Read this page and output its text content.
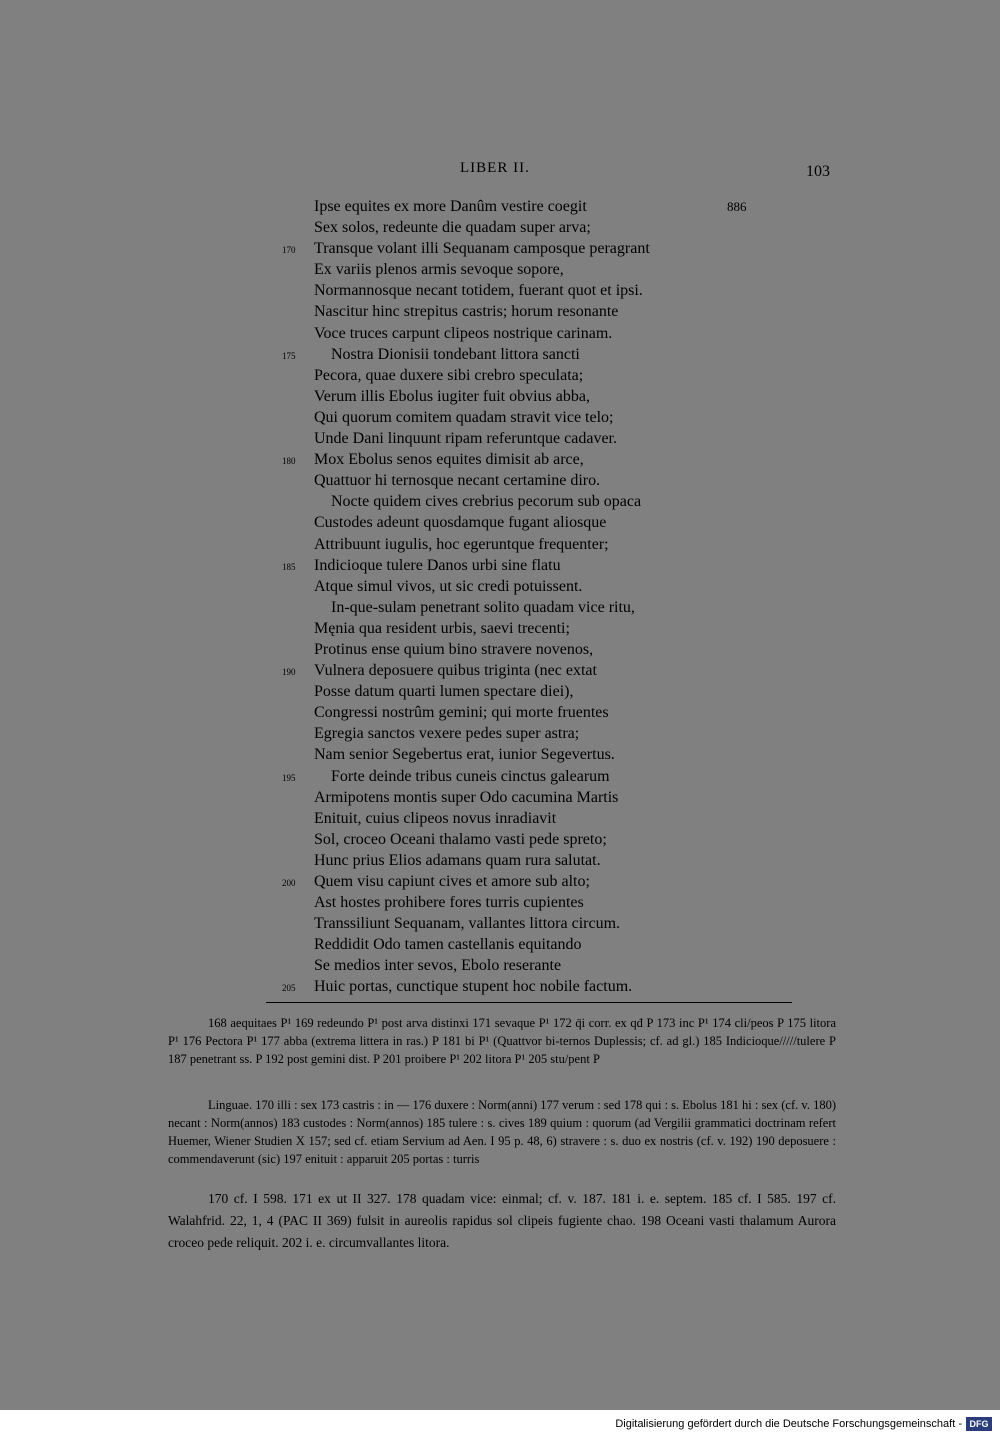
LIBER II.	103
Ipse equites ex more Danûm vestire coegit	886
Sex solos, redeunte die quadam super arva;
170 Transque volant illi Sequanam camposque peragrant
Ex variis plenos armis sevoque sopore,
Normannosque necant totidem, fuerant quot et ipsi.
Nascitur hinc strepitus castris; horum resonante
Voce truces carpunt clipeos nostrique carinam.
175 Nostra Dionisii tondebant littora sancti
Pecora, quae duxere sibi crebro speculata;
Verum illis Ebolus iugiter fuit obvius abba,
Qui quorum comitem quadam stravit vice telo;
Unde Dani linquunt ripam referuntque cadaver.
180 Mox Ebolus senos equites dimisit ab arce,
Quattuor hi ternosque necant certamine diro.
Nocte quidem cives crebrius pecorum sub opaca
Custodes adeunt quosdamque fugant aliosque
Attribuunt iugulis, hoc egeruntque frequenter;
185 Indicioque tulere Danos urbi sine flatu
Atque simul vivos, ut sic credi potuissent.
In-que-sulam penetrant solito quadam vice ritu,
Męnia qua resident urbis, saevi trecenti;
Protinus ense quium bino stravere novenos,
190 Vulnera deposuere quibus triginta (nec extat
Posse datum quarti lumen spectare diei),
Congressi nostrûm gemini; qui morte fruentes
Egregia sanctos vexere pedes super astra;
Nam senior Segebertus erat, iunior Segevertus.
195 Forte deinde tribus cuneis cinctus galearum
Armipotens montis super Odo cacumina Martis
Enituit, cuius clipeos novus inradiavit
Sol, croceo Oceani thalamo vasti pede spreto;
Hunc prius Elios adamans quam rura salutat.
200 Quem visu capiunt cives et amore sub alto;
Ast hostes prohibere fores turris cupientes
Transsiliunt Sequanam, vallantes littora circum.
Reddidit Odo tamen castellanis equitando
Se medios inter sevos, Ebolo reserante
205 Huic portas, cunctique stupent hoc nobile factum.

168 aequitaes P¹ 169 redeundo P¹ post arva distinxi 171 sevaque P¹ 172 q̄i corr. ex qđ P 173 inc P¹ 174 cli/peos P 175 litora P¹ 176 Pectora P¹ 177 abba (extrema littera in ras.) P 181 bi P¹ (Quattvor bi-ternos Duplessis; cf. ad gl.) 185 Indicioque/////tulere P 187 penetrant ss. P 192 post gemini dist. P 201 proibere P¹ 202 litora P¹ 205 stu/pent P

Linguae. 170 illi : sex 173 castris : in — 176 duxere : Norm(anni) 177 verum : sed 178 qui : s. Ebolus 181 hi : sex (cf. v. 180) necant : Norm(annos) 183 custodes : Norm(annos) 185 tulere : s. cives 189 quium : quorum (ad Vergilii grammatici doctrinam refert Huemer, Wiener Studien X 157; sed cf. etiam Servium ad Aen. I 95 p. 48, 6) stravere : s. duo ex nostris (cf. v. 192) 190 deposuere : commendaverunt (sic) 197 enituit : apparuit 205 portas : turris

170 cf. I 598. 171 ex ut II 327. 178 quadam vice: einmal; cf. v. 187. 181 i. e. septem. 185 cf. I 585. 197 cf. Walahfrid. 22, 1, 4 (PAC II 369) fulsit in aureolis rapidus sol clipeis fugiente chao. 198 Oceani vasti thalamum Aurora croceo pede reliquit. 202 i. e. circumvallantes litora.

Digitalisierung gefördert durch die Deutsche Forschungsgemeinschaft - DFG
